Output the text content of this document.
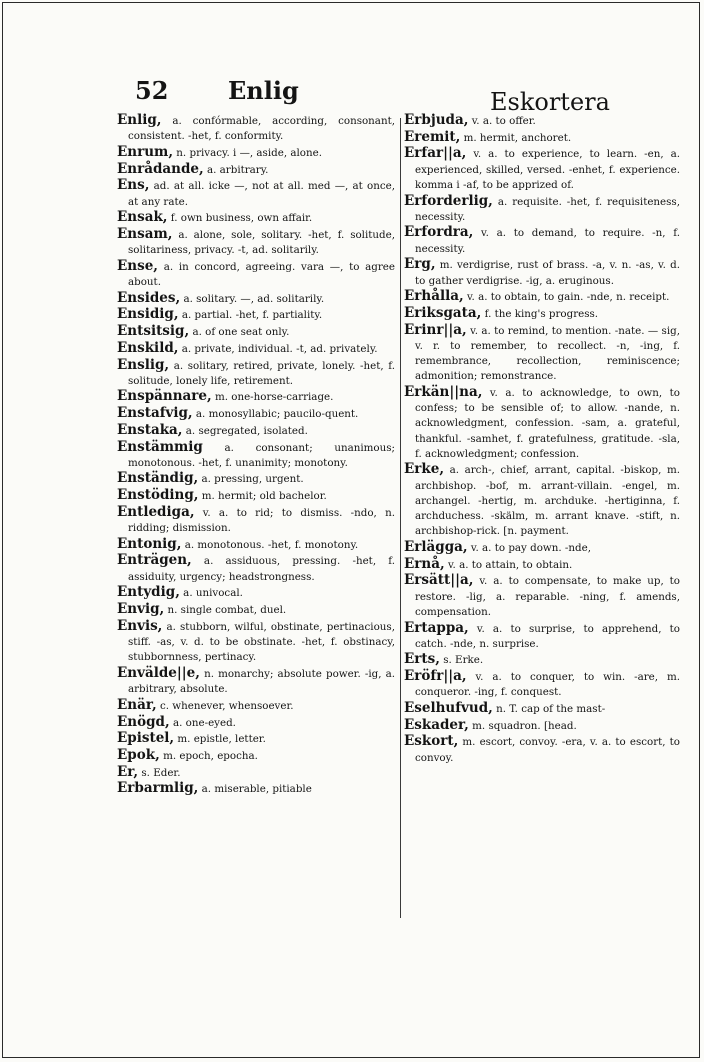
52 Enlig	Eskortera

Enlig, a. confórmable, according, consonant, consistent. -het, f. conformity.

Enrum, n. privacy. i —, aside, alone.

Enrådande, a. arbitrary.

Ens, ad. at all. icke —, not at all. med —, at once, at any rate.

Ensak, f. own business, own affair.

Ensam, a. alone, sole, solitary. -het, f. solitude, solitariness, privacy. -t, ad. solitarily.

Ense, a. in concord, agreeing. vara —, to agree about.

Ensides, a. solitary. —, ad. solitarily.

Ensidig, a. partial. -het, f. partiality.

Entsitsig, a. of one seat only.

Enskild, a. private, individual. -t, ad. privately.

Enslig, a. solitary, retired, private, lonely. -het, f. solitude, lonely life, retirement.

Enspännare, m. one-horse-carriage.

Enstafvig, a. monosyllabic; paucilo-quent.

Enstaka, a. segregated, isolated.

Enstämmig a. consonant; unanimous; monotonous. -het, f. unanimity; monotony.

Enständig, a. pressing, urgent.

Enstöding, m. hermit; old bachelor.

Entledigа, v. a. to rid; to dismiss. -ndо, n. ridding; dismission.

Entonig, a. monotonous. -het, f. monotony.

Enträgen, a. assiduous, pressing. -het, f. assiduity, urgency; headstrongness.

Entydig, a. univocal.

Envig, n. single combat, duel.

Envis, a. stubborn, wilful, obstinate, pertinacious, stiff. -as, v. d. to be obstinate. -het, f. obstinacy, stubbornness, pertinacy.

Envälde||e, n. monarchy; absolute power. -ig, a. arbitrary, absolute.

Enär, c. whenever, whensoever.

Enögd, a. one-eyed.

Epistel, m. epistle, letter.

Epok, m. epoch, epocha.

Er, s. Eder.

Erbarmlig, a. miserable, pitiable

Erbjuda, v. a. to offer.

Eremit, m. hermit, anchoret.

Erfar||a, v. a. to experience, to learn. -en, a. experienced, skilled, versed. -enhet, f. experience. komma i -af, to be apprized of.

Erforderlig, a. requisite. -het, f. requisiteness, necessity.

Erfordra, v. a. to demand, to require. -n, f. necessity.

Erg, m. verdigrise, rust of brass. -a, v. n. -as, v. d. to gather verdigrise. -ig, a. eruginous.

Erhålla, v. a. to obtain, to gain. -nde, n. receipt.

Eriksgata, f. the king's progress.

Erinr||a, v. a. to remind, to mention. -nate. — sig, v. r. to remember, to recollect. -n, -ing, f. remembrance, recollection, reminiscence; admonition; remonstrance.

Erkän||na, v. a. to acknowledge, to own, to confess; to be sensible of; to allow. -nande, n. acknowledgment, confession. -sam, a. grateful, thankful. -samhet, f. gratefulness, gratitude. -sla, f. acknowledgment; confession.

Erke, a. arch-, chief, arrant, capital. -biskop, m. archbishop. -bof, m. arrant-villain. -engel, m. archangel. -hertig, m. archduke. -hertiginna, f. archduchess. -skälm, m. arrant knave. -stift, n. archbishop-rick. [n. payment.

Erlägga, v. a. to pay down. -nde,

Ernå, v. a. to attain, to obtain.

Ersätt||a, v. a. to compensate, to make up, to restore. -lig, a. reparable. -ning, f. amends, compensation.

Ertappa, v. a. to surprise, to apprehend, to catch. -nde, n. surprise.

Erts, s. Erke.

Eröfr||a, v. a. to conquer, to win. -are, m. conqueror. -ing, f. conquest.

Eselhufvud, n. T. cap of the mast-

Eskader, m. squadron. [head.

Eskort, m. escort, convoy. -era, v. a. to escort, to convoy.
